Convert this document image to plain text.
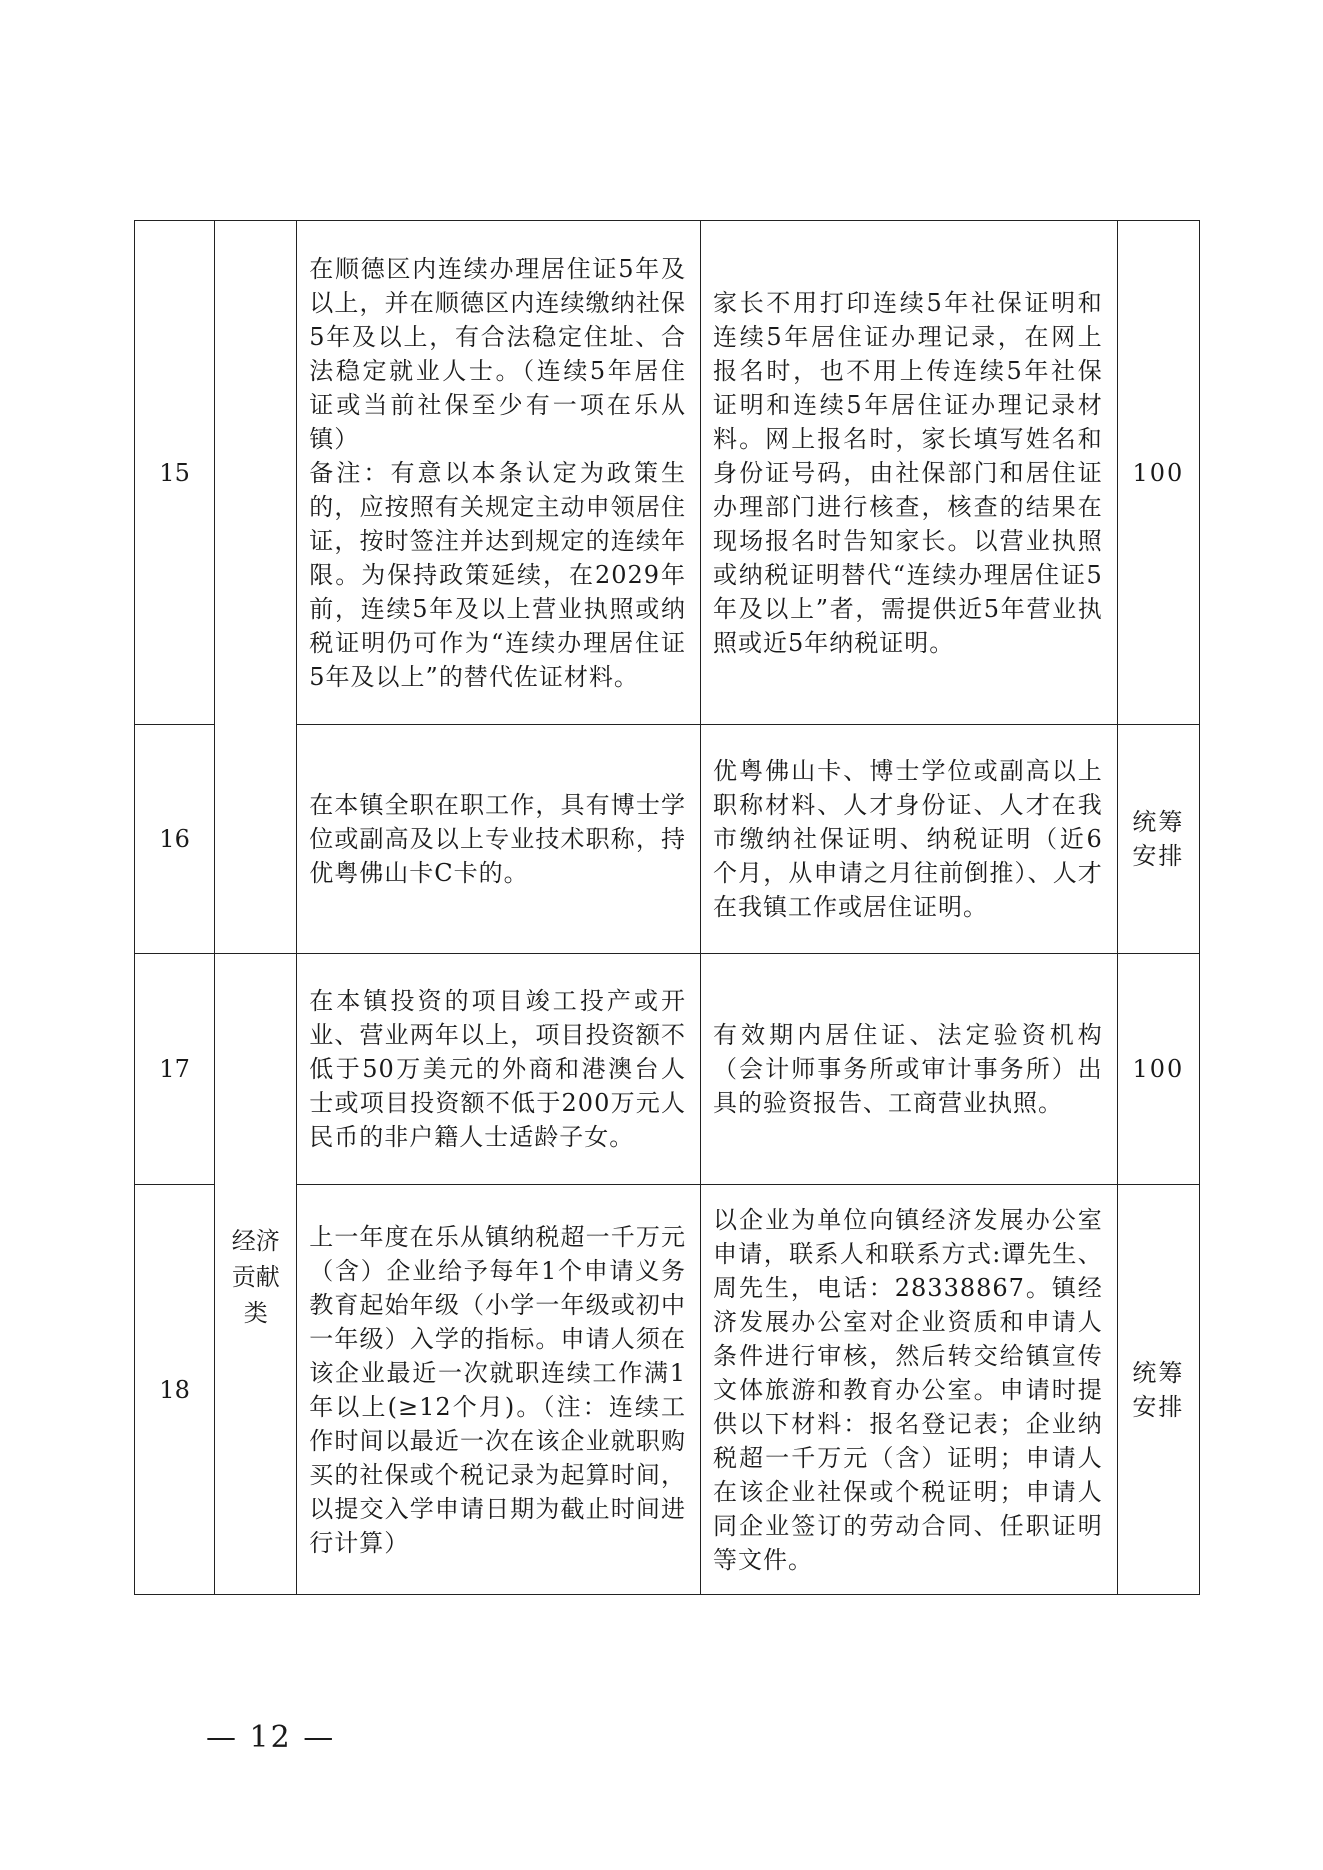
15		在顺德区内连续办理居住证5年及以上，并在顺德区内连续缴纳社保5年及以上，有合法稳定住址、合法稳定就业人士。（连续5年居住证或当前社保至少有一项在乐从镇）
备注：有意以本条认定为政策生的，应按照有关规定主动申领居住证，按时签注并达到规定的连续年限。为保持政策延续，在2029年前，连续5年及以上营业执照或纳税证明仍可作为“连续办理居住证5年及以上”的替代佐证材料。	家长不用打印连续5年社保证明和连续5年居住证办理记录，在网上报名时，也不用上传连续5年社保证明和连续5年居住证办理记录材料。网上报名时，家长填写姓名和身份证号码，由社保部门和居住证办理部门进行核查，核查的结果在现场报名时告知家长。以营业执照或纳税证明替代“连续办理居住证5年及以上”者，需提供近5年营业执照或近5年纳税证明。	100
16		在本镇全职在职工作，具有博士学位或副高及以上专业技术职称，持优粤佛山卡C卡的。	优粤佛山卡、博士学位或副高以上职称材料、人才身份证、人才在我市缴纳社保证明、纳税证明（近6个月，从申请之月往前倒推）、人才在我镇工作或居住证明。	统筹安排
17		在本镇投资的项目竣工投产或开业、营业两年以上，项目投资额不低于50万美元的外商和港澳台人士或项目投资额不低于200万元人民币的非户籍人士适龄子女。	有效期内居住证、法定验资机构（会计师事务所或审计事务所）出具的验资报告、工商营业执照。	100
18	经济贡献类	上一年度在乐从镇纳税超一千万元（含）企业给予每年1个申请义务教育起始年级（小学一年级或初中一年级）入学的指标。申请人须在该企业最近一次就职连续工作满1年以上(≥12个月)。（注：连续工作时间以最近一次在该企业就职购买的社保或个税记录为起算时间，以提交入学申请日期为截止时间进行计算）	以企业为单位向镇经济发展办公室申请，联系人和联系方式:谭先生、周先生，电话：28338867。镇经济发展办公室对企业资质和申请人条件进行审核，然后转交给镇宣传文体旅游和教育办公室。申请时提供以下材料：报名登记表；企业纳税超一千万元（含）证明；申请人在该企业社保或个税证明；申请人同企业签订的劳动合同、任职证明等文件。	统筹安排
— 12 —
